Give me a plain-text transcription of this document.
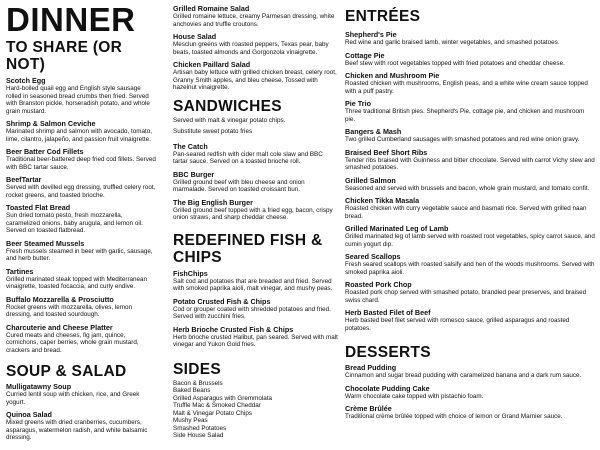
DINNER
TO SHARE (OR NOT)
Scotch Egg
Hard-boiled quail egg and English style sausage rolled in seasoned bread crumbs then fried. Served with Branston pickle, horseradish potato, and whole grain mustard.
Shrimp & Salmon Ceviche
Marinated shrimp and salmon with avocado, tomato, lime, cilantro, jalapeño, and passion fruit vinaigrette.
Beer Batter Cod Fillets
Traditional beer-battered deep fried cod fillets. Served with BBC tartar sauce.
BeefTartar
Served with devilled egg dressing, truffled celery root, rocket greens, and toasted brioche.
Toasted Flat Bread
Sun dried tomato pesto, fresh mozzarella, caramelized onions, baby arugula, and lemon oil. Served on toasted flatbread.
Beer Steamed Mussels
Fresh mussels steamed in beer with garlic, sausage, and herb butter.
Tartines
Grilled marinated steak topped with Mediterranean vinaigrette, toasted focaccia, and curly endive.
Buffalo Mozzarella & Prosciutto
Rocket greens with mozzarella, olives, lemon dressing, and toasted sourdough.
Charcuterie and Cheese Platter
Cured meats and cheeses, fig jam, quince, cornichons, caper berries, whole grain mustard, crackers and bread.
SOUP & SALAD
Mulligatawny Soup
Curried lentil soup with chicken, rice, and Greek yogurt.
Quinoa Salad
Mixed greens with dried cranberries, cucumbers, asparagus, watermelon radish, and white balsamic dressing.
Grilled Romaine Salad
Grilled romaine lettuce, creamy Parmesan dressing, white anchovies and truffle croutons.
House Salad
Mesclun greens with roasted peppers, Texas pear, baby beats, toasted almonds and Gorgonzola vinaigrette.
Chicken Paillard Salad
Artisan baby lettuce with grilled chicken breast, celery root, Granny Smith apples, and bleu cheese. Tossed with hazelnut vinaigrette.
SANDWICHES
Served with malt & vinegar potato chips.
Substitute sweet potato fries
The Catch
Pan-seared redfish with cider malt cole slaw and BBC tartar sauce. Served on a toasted brioche roll.
BBC Burger
Grilled ground beef with bleu cheese and onion marmalade. Served on toasted croissant bun.
The Big English Burger
Grilled ground beef topped with a fried egg, bacon, crispy onion straws, and sharp cheddar cheese.
REDEFINED FISH & CHIPS
FishChips
Salt cod and potatoes that are breaded and fried. Served with smoked paprika aioli, malt vinegar, and mushy peas.
Potato Crusted Fish & Chips
Cod or grouper coated with shredded potatoes and fried. Served with zucchini fries.
Herb Brioche Crusted Fish & Chips
Herb brioche crusted Halibut, pan seared. Served with malt vinegar and Yukon Gold fries.
SIDES
Bacon & Brussels
Baked Beans
Grilled Asparagus with Gremmolata
Truffle Mac & Smoked Cheddar
Malt & Vinegar Potato Chips
Mushy Peas
Smashed Potatoes
Side House Salad
ENTRÉES
Shepherd's Pie
Red wine and garlic braised lamb, winter vegetables, and smashed potatoes.
Cottage Pie
Beef stew with root vegetables topped with fried potatoes and cheddar cheese.
Chicken and Mushroom Pie
Roasted chicken with mushrooms, English peas, and a white wine cream sauce topped with a puff pastry.
Pie Trio
Three traditional British pies. Shepherd's Pie, cottage pie, and chicken and mushroom pie.
Bangers & Mash
Two grilled Cumberland sausages with smashed potatoes and red wine onion gravy.
Braised Beef Short Ribs
Tender ribs braised with Guinness and bitter chocolate. Served with carrot Vichy stew and smashed potatoes.
Grilled Salmon
Seasoned and served with brussels and bacon, whole grain mustard, and tomato confit.
Chicken Tikka Masala
Roasted chicken with curry vegetable sauce and basmati rice. Served with grilled naan bread.
Grilled Marinated Leg of Lamb
Grilled marinated leg of lamb served with roasted root vegetables, spicy carrot sauce, and cumin yogurt dip.
Seared Scallops
Fresh seared scallops with roasted salsify and hen of the woods mushrooms. Served with smoked paprika aioli.
Roasted Pork Chop
Roasted pork chop served with smashed potato, brandied pear preserves, and braised swiss chard.
Herb Basted Filet of Beef
Herb basted beef filet served with romesco sauce, grilled asparagus and roasted potatoes.
DESSERTS
Bread Pudding
Cinnamon and sugar bread pudding with caramelized banana and a dark rum sauce.
Chocolate Pudding Cake
Warm chocolate cake topped with pistachio foam.
Crème Brûlée
Traditional crème brûlée topped with choice of lemon or Grand Marnier sauce.
